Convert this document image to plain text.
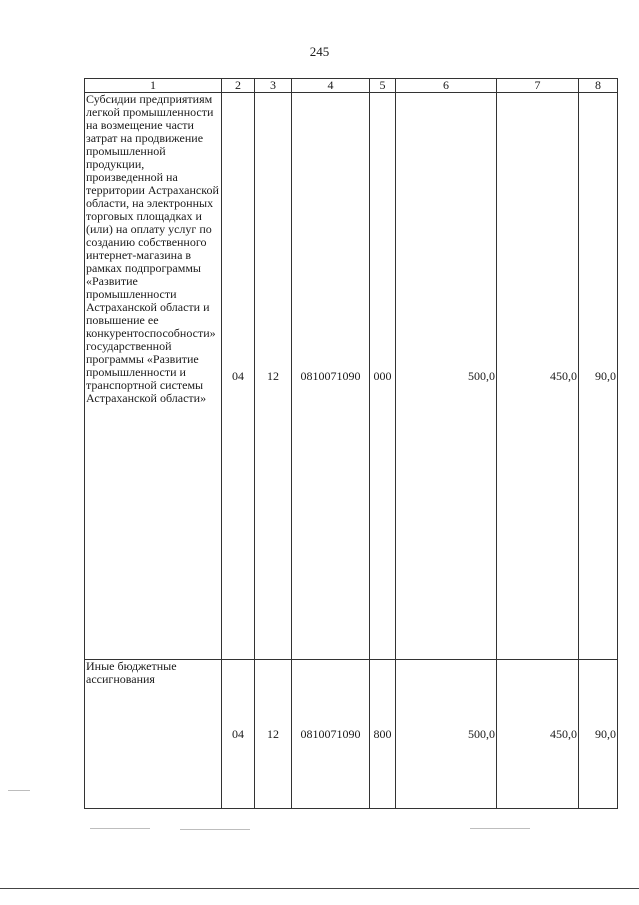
245
1	2	3	4	5	6	7	8
Субсидии предприятиям легкой промышленности на возмещение части затрат на продвижение промышленной продукции, произведенной на территории Астраханской области, на электронных торговых площадках и (или) на оплату услуг по созданию собственного интернет-магазина в рамках подпрограммы «Развитие промышленности Астраханской области и повышение ее конкурентоспособности» государственной программы «Развитие промышленности и транспортной системы Астраханской области»	04	12	0810071090	000	500,0	450,0	90,0
Иные бюджетные ассигнования	04	12	0810071090	800	500,0	450,0	90,0
